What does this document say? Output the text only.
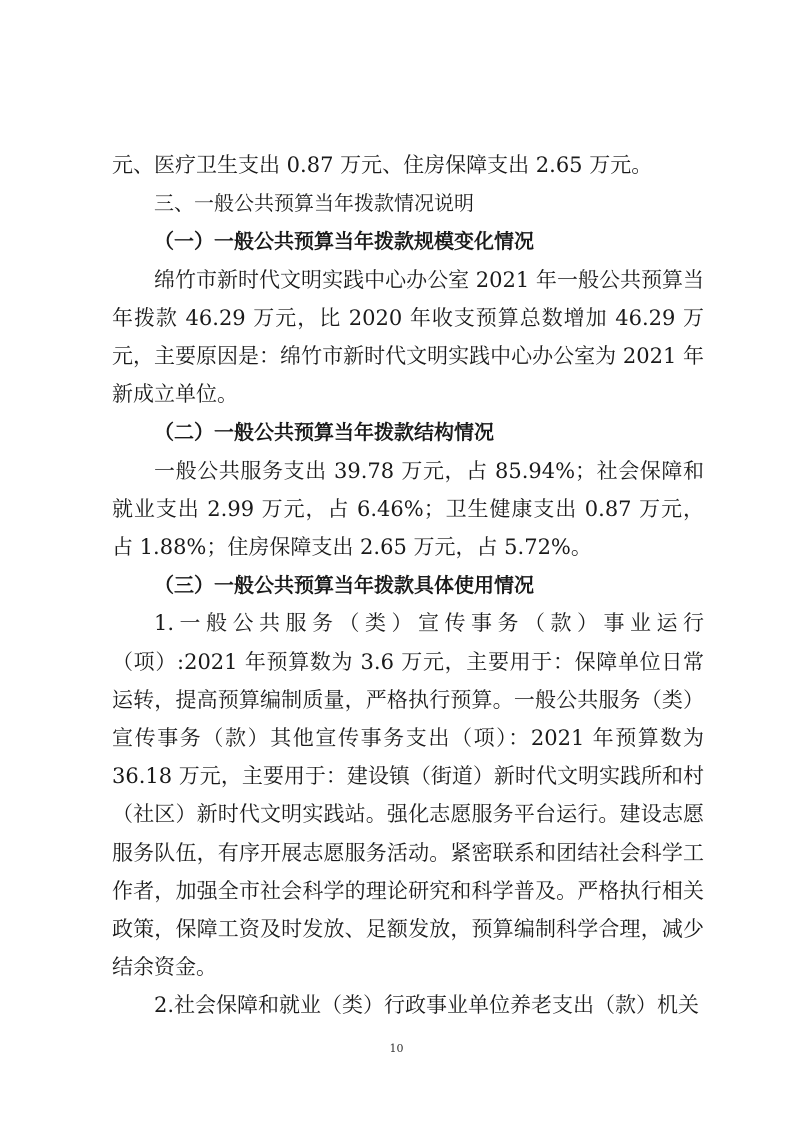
元、医疗卫生支出 0.87 万元、住房保障支出 2.65 万元。

三、一般公共预算当年拨款情况说明

（一）一般公共预算当年拨款规模变化情况

绵竹市新时代文明实践中心办公室 2021 年一般公共预算当年拨款 46.29 万元，比 2020 年收支预算总数增加 46.29 万元，主要原因是：绵竹市新时代文明实践中心办公室为 2021 年新成立单位。

（二）一般公共预算当年拨款结构情况

一般公共服务支出 39.78 万元，占 85.94%；社会保障和就业支出 2.99 万元，占 6.46%；卫生健康支出 0.87 万元，占 1.88%；住房保障支出 2.65 万元，占 5.72%。

（三）一般公共预算当年拨款具体使用情况

1.一般公共服务（类）宣传事务（款）事业运行（项）:2021 年预算数为 3.6 万元，主要用于：保障单位日常运转，提高预算编制质量，严格执行预算。一般公共服务（类）宣传事务（款）其他宣传事务支出（项）：2021 年预算数为 36.18 万元，主要用于：建设镇（街道）新时代文明实践所和村（社区）新时代文明实践站。强化志愿服务平台运行。建设志愿服务队伍，有序开展志愿服务活动。紧密联系和团结社会科学工作者，加强全市社会科学的理论研究和科学普及。严格执行相关政策，保障工资及时发放、足额发放，预算编制科学合理，减少结余资金。

2.社会保障和就业（类）行政事业单位养老支出（款）机关

10
